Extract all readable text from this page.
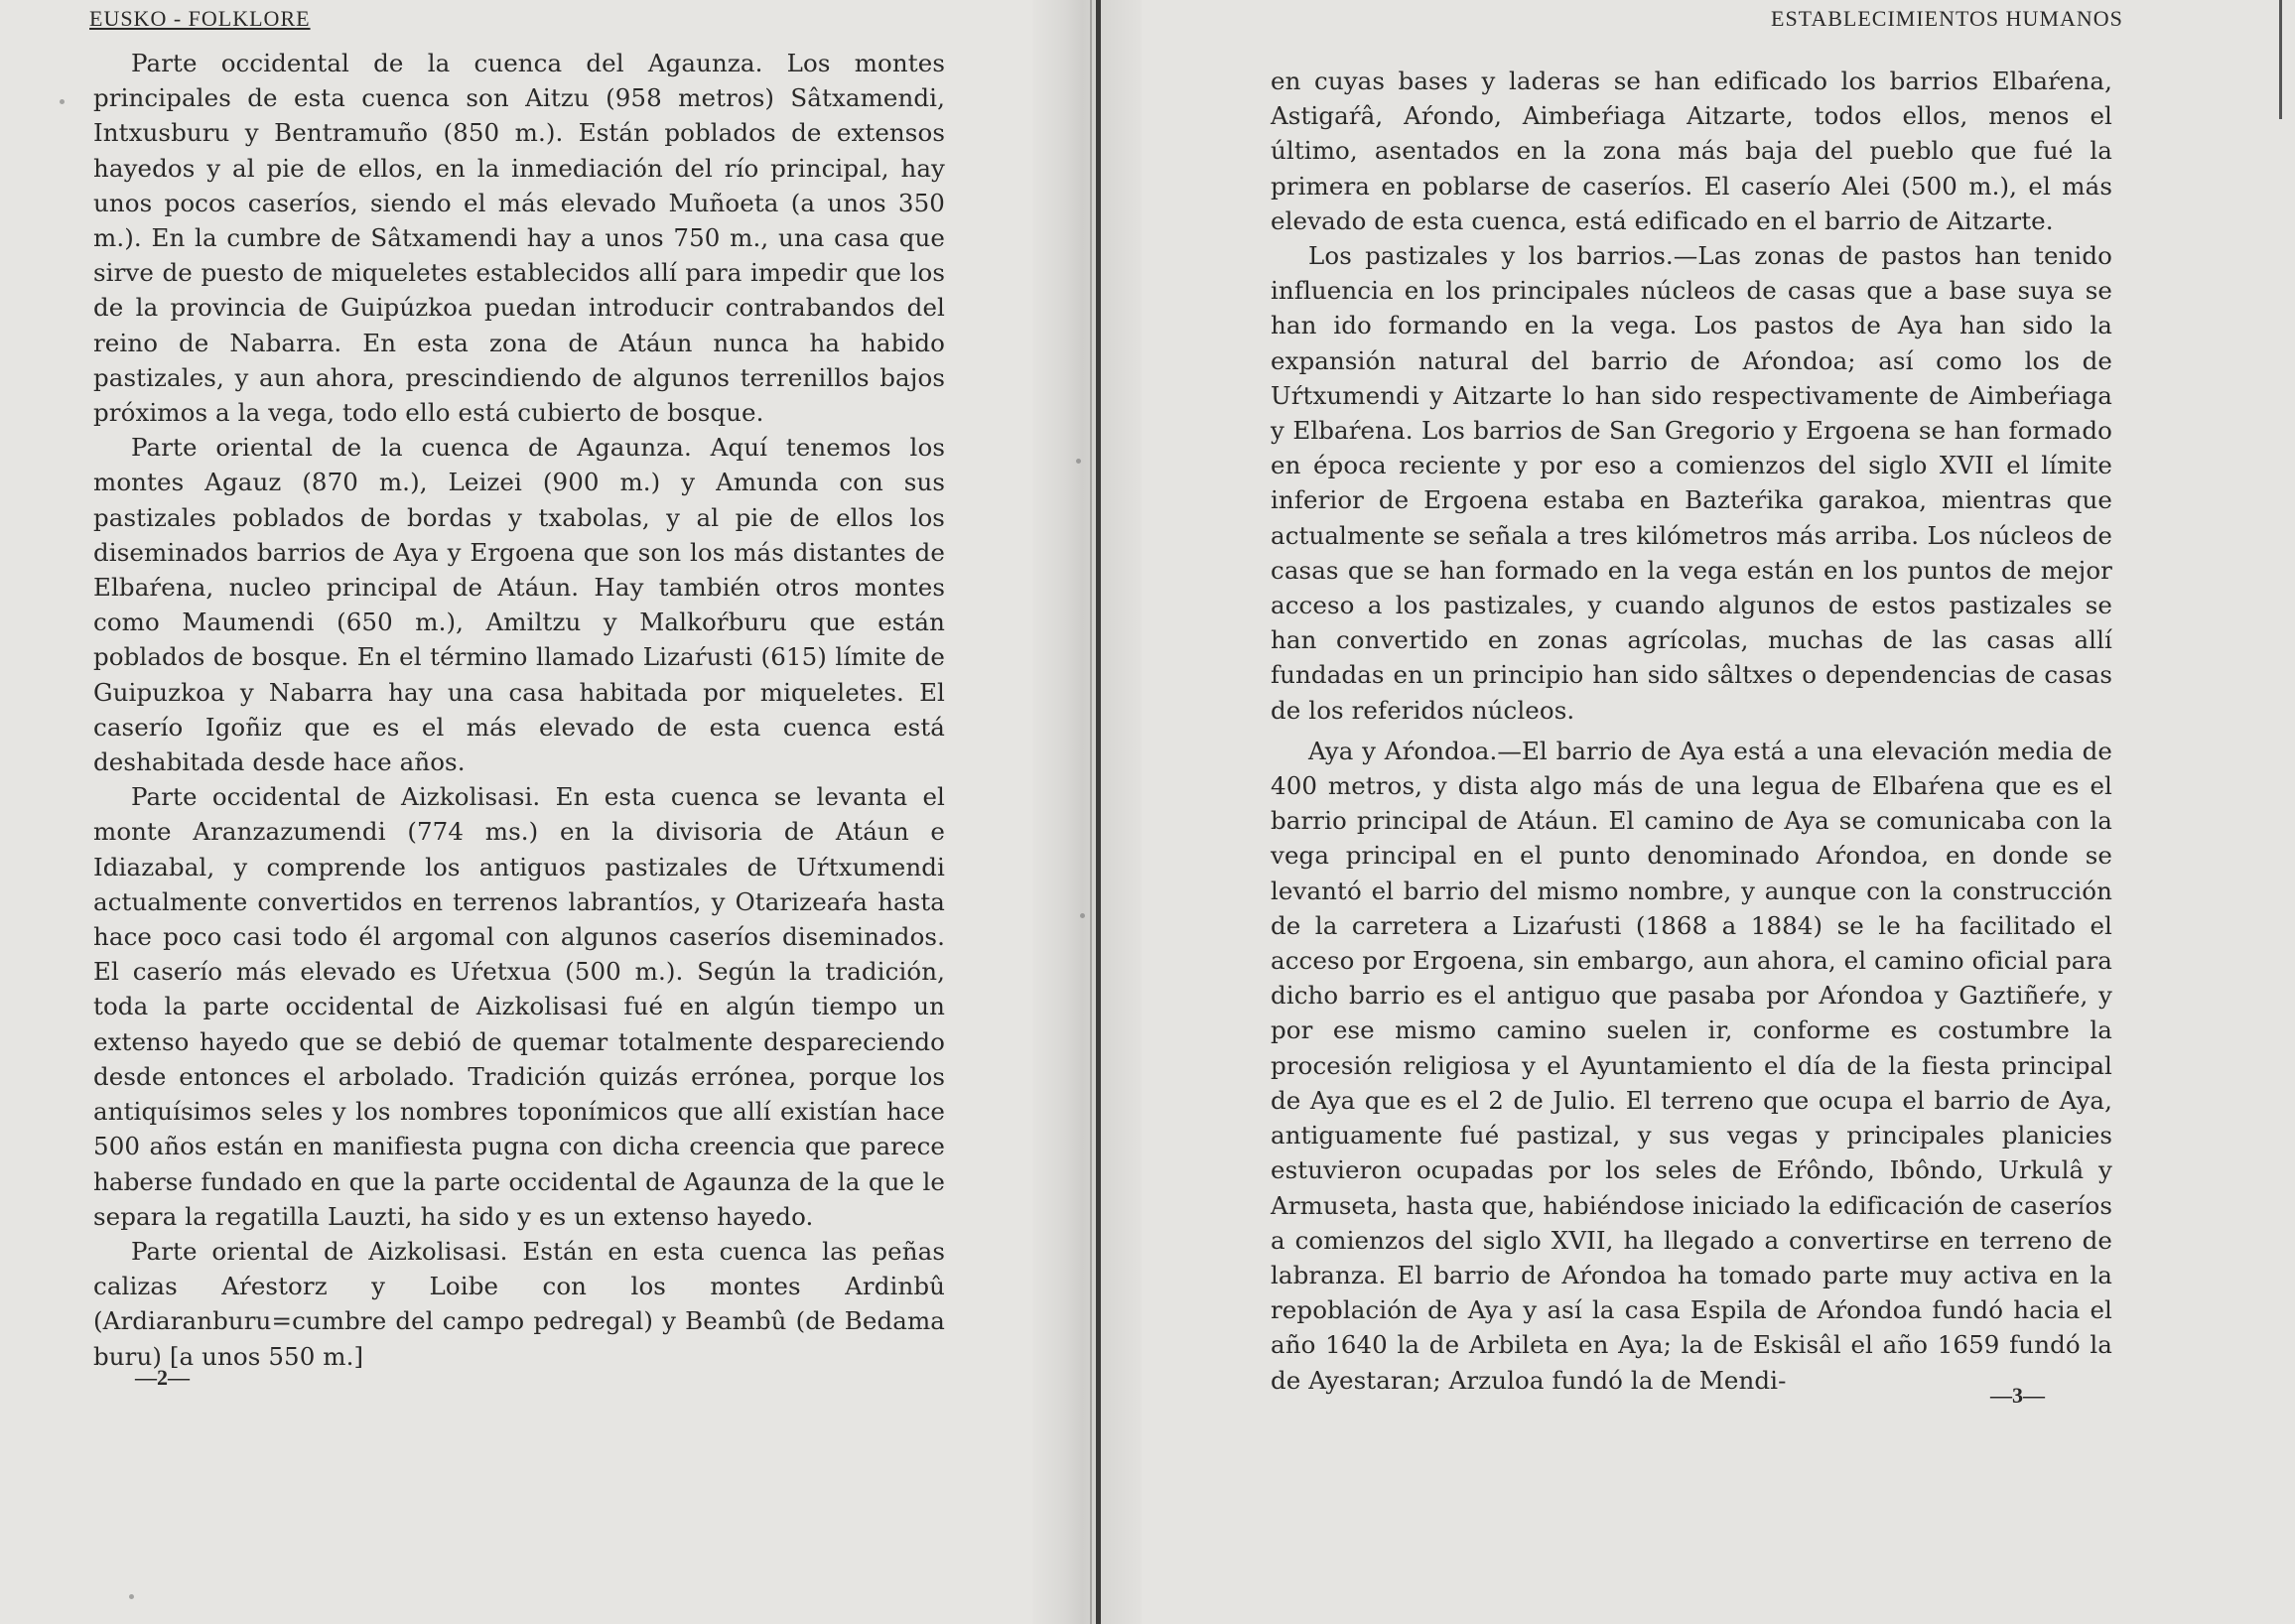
EUSKO - FOLKLORE	ESTABLECIMIENTOS HUMANOS

Parte occidental de la cuenca del Agaunza. Los montes principales de esta cuenca son Aitzu (958 metros) Sâtxamendi, Intxusburu y Bentramuño (850 m.). Están poblados de extensos hayedos y al pie de ellos, en la inmediación del río principal, hay unos pocos caseríos, siendo el más elevado Muñoeta (a unos 350 m.). En la cumbre de Sâtxamendi hay a unos 750 m., una casa que sirve de puesto de miqueletes establecidos allí para impedir que los de la provincia de Guipúzkoa puedan introducir contrabandos del reino de Nabarra. En esta zona de Atáun nunca ha habido pastizales, y aun ahora, prescindiendo de algunos terrenillos bajos próximos a la vega, todo ello está cubierto de bosque.

Parte oriental de la cuenca de Agaunza. Aquí tenemos los montes Agauz (870 m.), Leizei (900 m.) y Amunda con sus pastizales poblados de bordas y txabolas, y al pie de ellos los diseminados barrios de Aya y Ergoena que son los más distantes de Elbaŕena, nucleo principal de Atáun. Hay también otros montes como Maumendi (650 m.), Amiltzu y Malkoŕburu que están poblados de bosque. En el término llamado Lizaŕusti (615) límite de Guipuzkoa y Nabarra hay una casa habitada por miqueletes. El caserío Igoñiz que es el más elevado de esta cuenca está deshabitada desde hace años.

Parte occidental de Aizkolisasi. En esta cuenca se levanta el monte Aranzazumendi (774 ms.) en la divisoria de Atáun e Idiazabal, y comprende los antiguos pastizales de Uŕtxumendi actualmente convertidos en terrenos labrantíos, y Otarizeaŕa hasta hace poco casi todo él argomal con algunos caseríos diseminados. El caserío más elevado es Uŕetxua (500 m.). Según la tradición, toda la parte occidental de Aizkolisasi fué en algún tiempo un extenso hayedo que se debió de quemar totalmente despareciendo desde entonces el arbolado. Tradición quizás errónea, porque los antiquísimos seles y los nombres toponímicos que allí existían hace 500 años están en manifiesta pugna con dicha creencia que parece haberse fundado en que la parte occidental de Agaunza de la que le separa la regatilla Lauzti, ha sido y es un extenso hayedo.

Parte oriental de Aizkolisasi. Están en esta cuenca las peñas calizas Aŕestorz y Loibe con los montes Ardinbû (Ardiaranburu=cumbre del campo pedregal) y Beambû (de Bedama buru) [a unos 550 m.]

en cuyas bases y laderas se han edificado los barrios Elbaŕena, Astigaŕâ, Aŕondo, Aimbeŕiaga Aitzarte, todos ellos, menos el último, asentados en la zona más baja del pueblo que fué la primera en poblarse de caseríos. El caserío Alei (500 m.), el más elevado de esta cuenca, está edificado en el barrio de Aitzarte.

Los pastizales y los barrios.—Las zonas de pastos han tenido influencia en los principales núcleos de casas que a base suya se han ido formando en la vega. Los pastos de Aya han sido la expansión natural del barrio de Aŕondoa; así como los de Uŕtxumendi y Aitzarte lo han sido respectivamente de Aimbeŕiaga y Elbaŕena. Los barrios de San Gregorio y Ergoena se han formado en época reciente y por eso a comienzos del siglo XVII el límite inferior de Ergoena estaba en Bazteŕika garakoa, mientras que actualmente se señala a tres kilómetros más arriba. Los núcleos de casas que se han formado en la vega están en los puntos de mejor acceso a los pastizales, y cuando algunos de estos pastizales se han convertido en zonas agrícolas, muchas de las casas allí fundadas en un principio han sido sâltxes o dependencias de casas de los referidos núcleos.

Aya y Aŕondoa.—El barrio de Aya está a una elevación media de 400 metros, y dista algo más de una legua de Elbaŕena que es el barrio principal de Atáun. El camino de Aya se comunicaba con la vega principal en el punto denominado Aŕondoa, en donde se levantó el barrio del mismo nombre, y aunque con la construcción de la carretera a Lizaŕusti (1868 a 1884) se le ha facilitado el acceso por Ergoena, sin embargo, aun ahora, el camino oficial para dicho barrio es el antiguo que pasaba por Aŕondoa y Gaztiñeŕe, y por ese mismo camino suelen ir, conforme es costumbre la procesión religiosa y el Ayuntamiento el día de la fiesta principal de Aya que es el 2 de Julio. El terreno que ocupa el barrio de Aya, antiguamente fué pastizal, y sus vegas y principales planicies estuvieron ocupadas por los seles de Eŕôndo, Ibôndo, Urkulâ y Armuseta, hasta que, habiéndose iniciado la edificación de caseríos a comienzos del siglo XVII, ha llegado a convertirse en terreno de labranza. El barrio de Aŕondoa ha tomado parte muy activa en la repoblación de Aya y así la casa Espila de Aŕondoa fundó hacia el año 1640 la de Arbileta en Aya; la de Eskisâl el año 1659 fundó la de Ayestaran; Arzuloa fundó la de Mendi-

—2—
—3—
